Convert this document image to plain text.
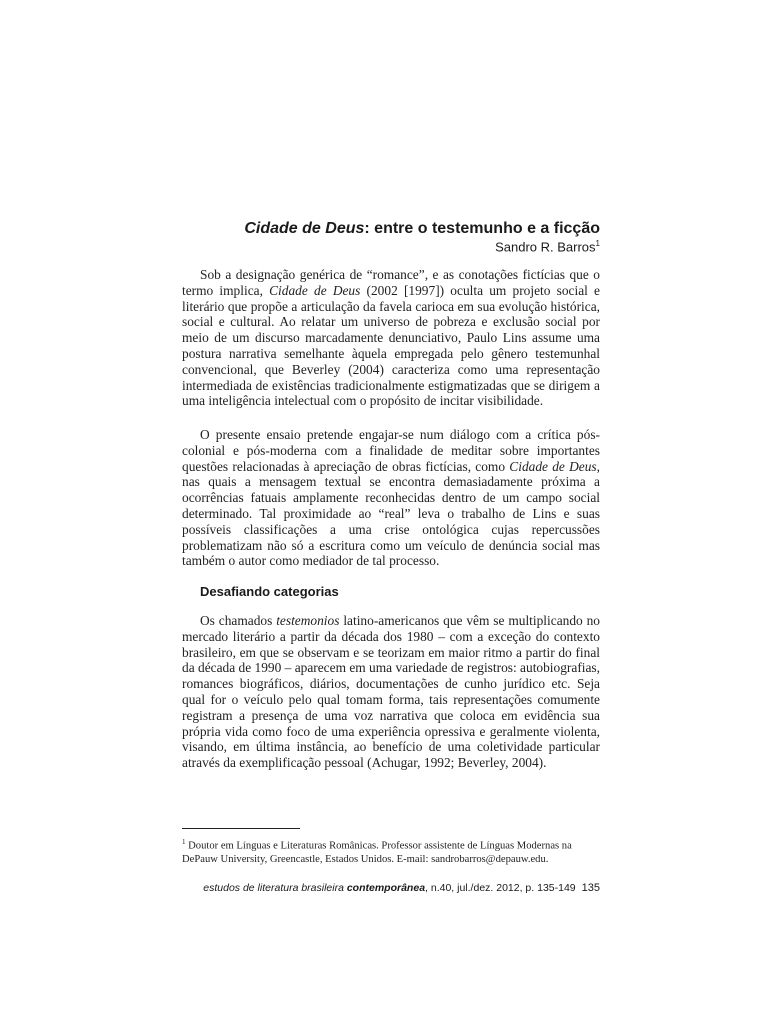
Cidade de Deus: entre o testemunho e a ficção
Sandro R. Barros$^1$

Sob a designação genérica de “romance”, e as conotações fictícias que o termo implica, Cidade de Deus (2002 [1997]) oculta um projeto social e literário que propõe a articulação da favela carioca em sua evolução histórica, social e cultural. Ao relatar um universo de pobreza e exclusão social por meio de um discurso marcadamente denunciativo, Paulo Lins assume uma postura narrativa semelhante àquela empregada pelo gênero testemunhal convencional, que Beverley (2004) caracteriza como uma representação intermediada de existências tradicionalmente estigmatizadas que se dirigem a uma inteligência intelectual com o propósito de incitar visibilidade.

O presente ensaio pretende engajar-se num diálogo com a crítica pós-colonial e pós-moderna com a finalidade de meditar sobre importantes questões relacionadas à apreciação de obras fictícias, como Cidade de Deus, nas quais a mensagem textual se encontra demasiadamente próxima a ocorrências fatuais amplamente reconhecidas dentro de um campo social determinado. Tal proximidade ao “real” leva o trabalho de Lins e suas possíveis classificações a uma crise ontológica cujas repercussões problematizam não só a escritura como um veículo de denúncia social mas também o autor como mediador de tal processo.

Desafiando categorias

Os chamados testemonios latino-americanos que vêm se multiplicando no mercado literário a partir da década dos 1980 – com a exceção do contexto brasileiro, em que se observam e se teorizam em maior ritmo a partir do final da década de 1990 – aparecem em uma variedade de registros: autobiografias, romances biográficos, diários, documentações de cunho jurídico etc. Seja qual for o veículo pelo qual tomam forma, tais representações comumente registram a presença de uma voz narrativa que coloca em evidência sua própria vida como foco de uma experiência opressiva e geralmente violenta, visando, em última instância, ao benefício de uma coletividade particular através da exemplificação pessoal (Achugar, 1992; Beverley, 2004).

$^1$ Doutor em Línguas e Literaturas Românicas. Professor assistente de Línguas Modernas na DePauw University, Greencastle, Estados Unidos. E-mail: sandrobarros@depauw.edu.

estudos de literatura brasileira contemporânea, n.40, jul./dez. 2012, p. 135-149 135
